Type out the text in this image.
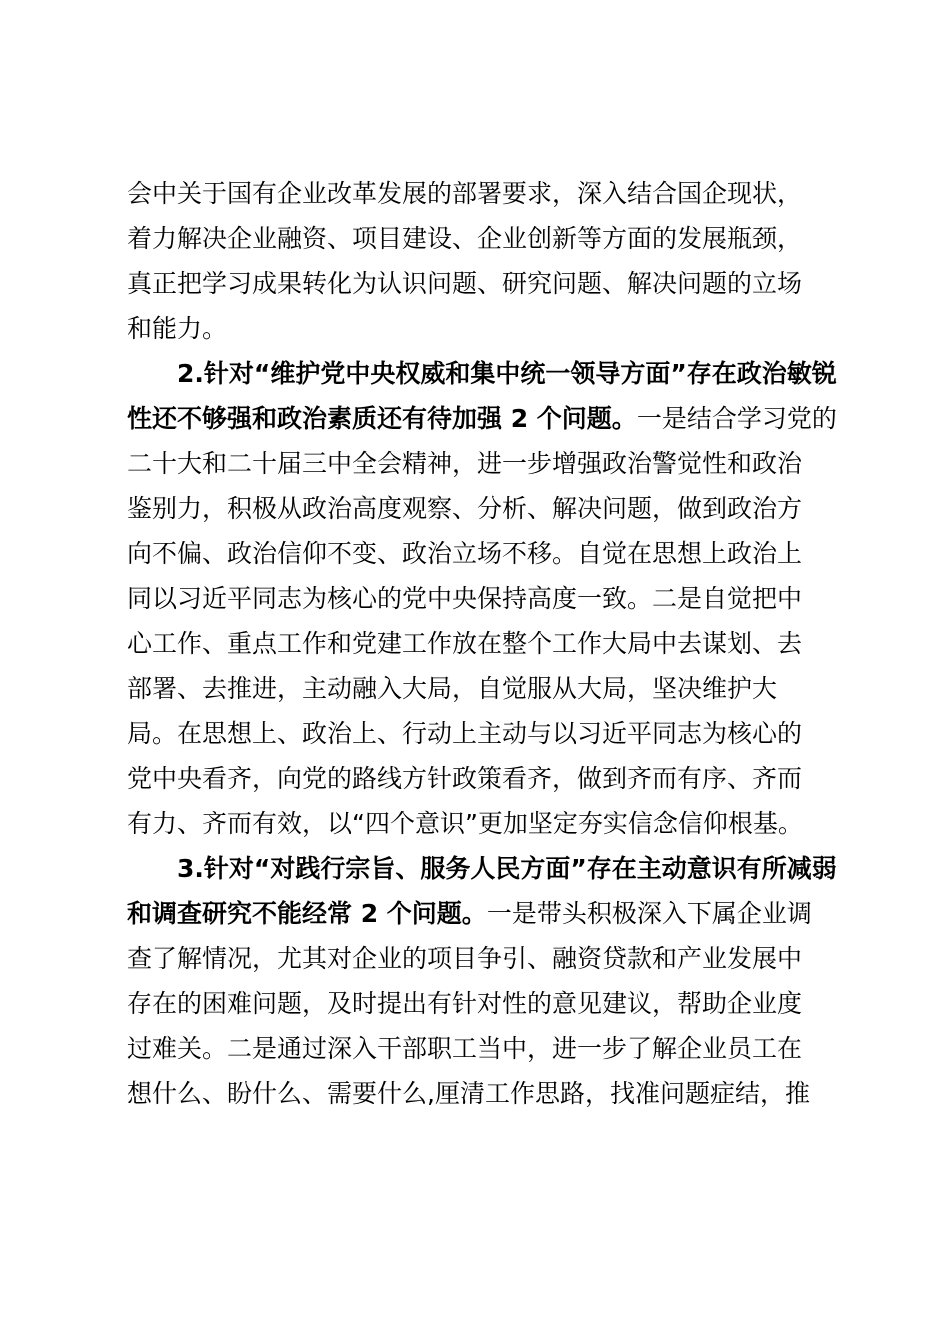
会中关于国有企业改革发展的部署要求，深入结合国企现状，
着力解决企业融资、项目建设、企业创新等方面的发展瓶颈，
真正把学习成果转化为认识问题、研究问题、解决问题的立场
和能力。
2.针对“维护党中央权威和集中统一领导方面”存在政治敏锐
性还不够强和政治素质还有待加强 2 个问题。一是结合学习党的
二十大和二十届三中全会精神，进一步增强政治警觉性和政治
鉴别力，积极从政治高度观察、分析、解决问题，做到政治方
向不偏、政治信仰不变、政治立场不移。自觉在思想上政治上
同以习近平同志为核心的党中央保持高度一致。二是自觉把中
心工作、重点工作和党建工作放在整个工作大局中去谋划、去
部署、去推进，主动融入大局，自觉服从大局，坚决维护大
局。在思想上、政治上、行动上主动与以习近平同志为核心的
党中央看齐，向党的路线方针政策看齐，做到齐而有序、齐而
有力、齐而有效，以“四个意识”更加坚定夯实信念信仰根基。
3.针对“对践行宗旨、服务人民方面”存在主动意识有所减弱
和调查研究不能经常 2 个问题。一是带头积极深入下属企业调
查了解情况，尤其对企业的项目争引、融资贷款和产业发展中
存在的困难问题，及时提出有针对性的意见建议，帮助企业度
过难关。二是通过深入干部职工当中，进一步了解企业员工在
想什么、盼什么、需要什么,厘清工作思路，找准问题症结，推
